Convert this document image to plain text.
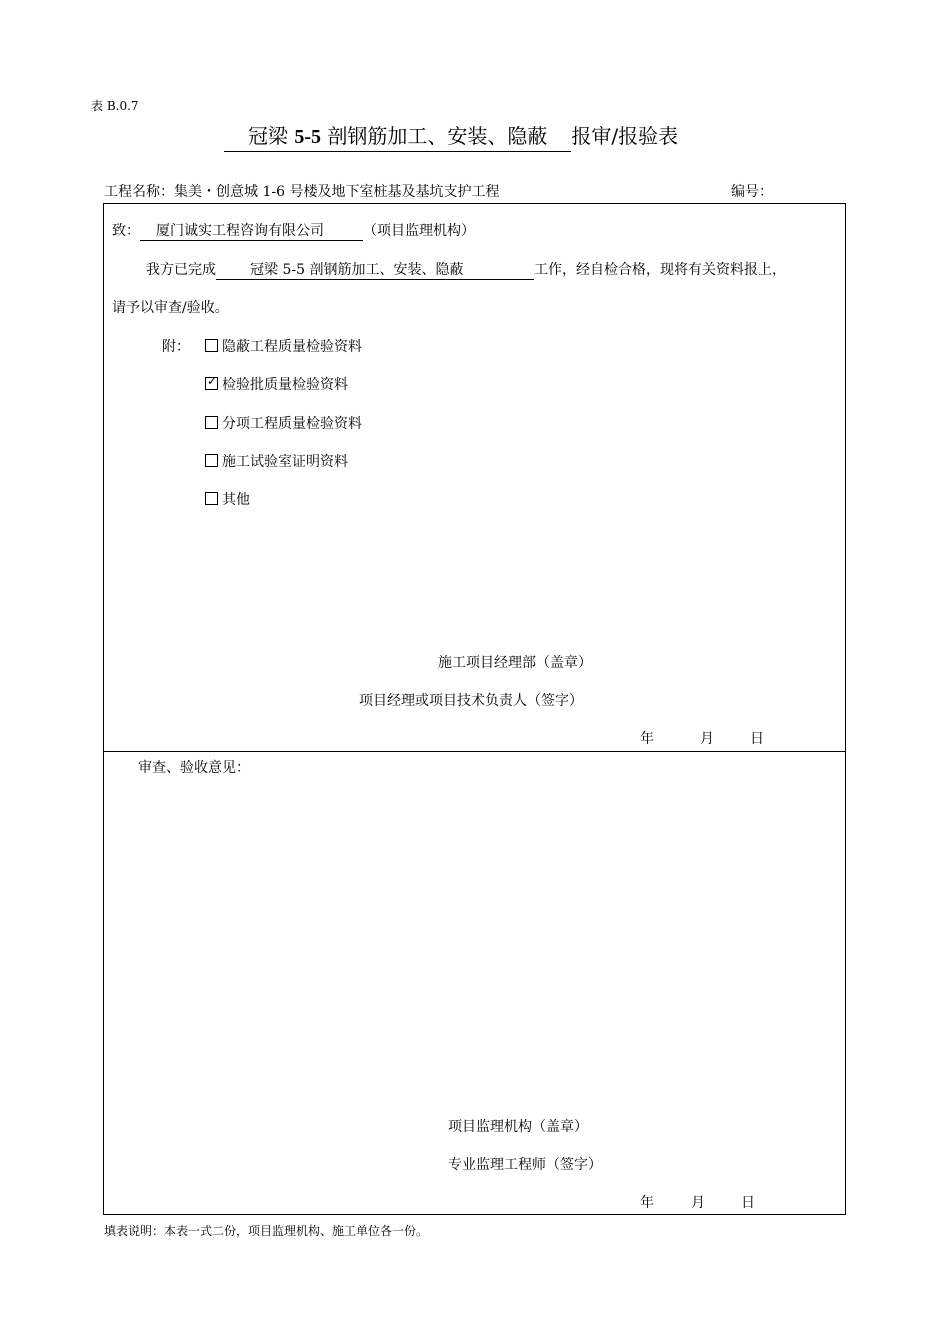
表 B.0.7
冠梁 5-5 剖钢筋加工、安装、隐蔽 报审/报验表
工程名称：集美・创意城 1-6 号楼及地下室桩基及基坑支护工程	编号：
致： 厦门诚实工程咨询有限公司	（项目监理机构）
我方已完成 冠梁 5-5 剖钢筋加工、安装、隐蔽	工作，经自检合格，现将有关资料报上，
请予以审查/验收。
附：	隐蔽工程质量检验资料
✓检验批质量检验资料
分项工程质量检验资料
施工试验室证明资料
其他
施工项目经理部（盖章）
项目经理或项目技术负责人（签字）
年	月	日
审查、验收意见：
项目监理机构（盖章）
专业监理工程师（签字）
年	月	日
填表说明：本表一式二份，项目监理机构、施工单位各一份。
